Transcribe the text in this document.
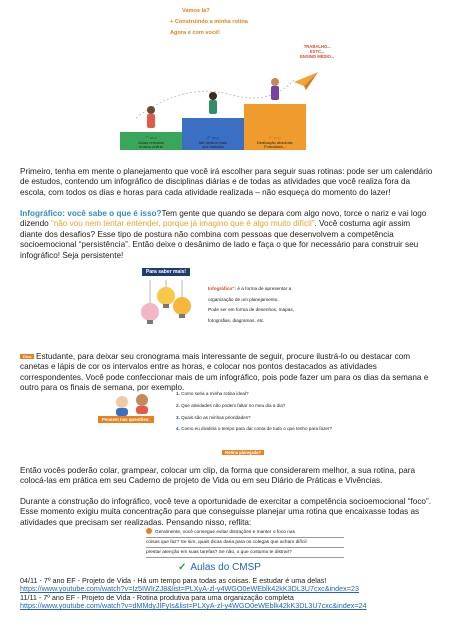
Vamos lá?
+ Construindo a minha rotina
Agora é com você!
TRABALHO...
ESTC...
ENSINO MÉDIO...
7º ano
Aulas remotas
ensino online
8º ano
Me dedica mais
aos estudos
9º ano
Dedicação absoluta;
Formatura...

Primeiro, tenha em mente o planejamento que você irá escolher para seguir suas rotinas: pode ser um calendário de estudos, contendo um infográfico de disciplinas diárias e de todas as atividades que você realiza fora da escola, com todos os dias e horas para cada atividade realizada – não esqueça do momento do lazer!

Infográfico: você sabe o que é isso?Tem gente que quando se depara com algo novo, torce o nariz e vai logo dizendo “não vou nem tentar entender, porque já imagino que é algo muito difícil”. Você costuma agir assim diante dos desafios? Esse tipo de postura não combina com pessoas que desenvolvem a competência socioemocional “persistência”. Então deixe o desânimo de lado e faça o que for necessário para construir seu infográfico! Seja persistente!

Para saber mais!
Infográfico": é a forma de apresentar a
organização de um planejamento.
Pode ser em forma de desenhos, mapas,
fotografias, diagramas, etc.
Dica Estudante, para deixar seu cronograma mais interessante de seguir, procure ilustrá-lo ou destacar com canetas e lápis de cor os intervalos entre as horas, e colocar nos pontos destacados as atividades correspondentes. Você pode confeccionar mais de um infográfico, pois pode fazer um para os dias da semana e outro para os finais de semana, por exemplo.

Pensem nas questões:
1. Como seria a minha rotina ideal?
2. Que atividades não podem faltar no meu dia a dia?
3. Quais são as minhas prioridades?
4. Como eu dividiria o tempo para dar conta de tudo o que tenho para fazer?
Rotina planejada?

Então vocês poderão colar, grampear, colocar um clip, da forma que considerarem melhor, a sua rotina, para colocá-las em prática em seu Caderno de projeto de Vida ou em seu Diário de Práticas e Vivências.

Durante a construção do infográfico, você teve a oportunidade de exercitar a competência socioemocional “foco”. Esse momento exigiu muita concentração para que conseguisse planejar uma rotina que encaixasse todas as atividades que precisam ser realizadas. Pensando nisso, reflita:

Geralmente, você consegue evitar distrações e manter o foco nas
coisas que faz? Se sim, quais dicas daria para os colegas que acham difícil
prestar atenção em suas tarefas? Se não, o que costuma te distrair?
✓ Aulas do CMSP
04/11 - 7º ano EF - Projeto de Vida - Há um tempo para todas as coisas. E estudar é uma delas!
https://www.youtube.com/watch?v=Iz5IWIrZJ8&list=PLXyA-zl-y4WGO0eWEblk42kK3DL3U7cxc&index=23
11/11 - 7º ano EF - Projeto de Vida - Rotina produtiva para uma organização completa
https://www.youtube.com/watch?v=dMMdyJlFyIs&list=PLXyA-zl-y4WGO0eWEblk42kK3DL3U7cxc&index=24
